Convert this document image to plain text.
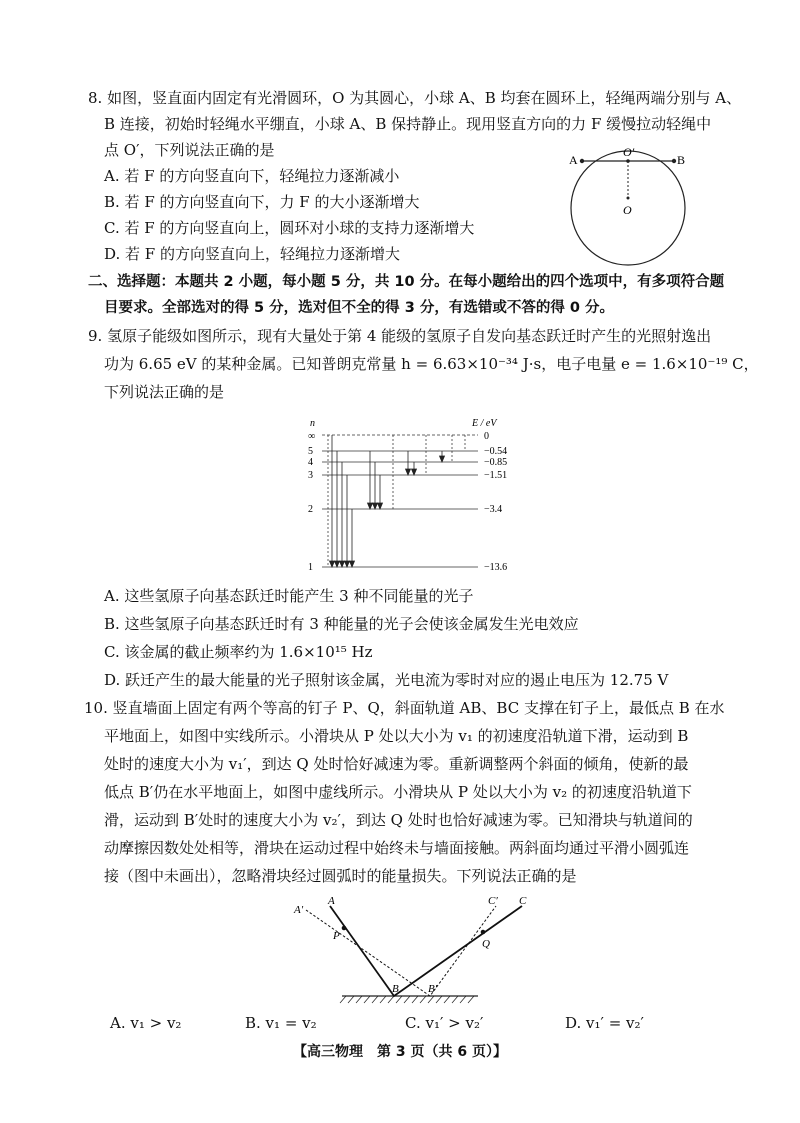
8. 如图，竖直面内固定有光滑圆环，O 为其圆心，小球 A、B 均套在圆环上，轻绳两端分别与 A、
B 连接，初始时轻绳水平绷直，小球 A、B 保持静止。现用竖直方向的力 F 缓慢拉动轻绳中
点 O′，下列说法正确的是
A. 若 F 的方向竖直向下，轻绳拉力逐渐减小
B. 若 F 的方向竖直向下，力 F 的大小逐渐增大
C. 若 F 的方向竖直向上，圆环对小球的支持力逐渐增大
D. 若 F 的方向竖直向上，轻绳拉力逐渐增大
A	B
O′
O
二、选择题：本题共 2 小题，每小题 5 分，共 10 分。在每小题给出的四个选项中，有多项符合题
目要求。全部选对的得 5 分，选对但不全的得 3 分，有选错或不答的得 0 分。
9. 氢原子能级如图所示，现有大量处于第 4 能级的氢原子自发向基态跃迁时产生的光照射逸出
功为 6.65 eV 的某种金属。已知普朗克常量 h = 6.63×10⁻³⁴ J·s，电子电量 e = 1.6×10⁻¹⁹ C，
下列说法正确的是
n	E / eV
∞
5
4
3
2
1
0
−0.54
−0.85
−1.51
−3.4
−13.6
A. 这些氢原子向基态跃迁时能产生 3 种不同能量的光子
B. 这些氢原子向基态跃迁时有 3 种能量的光子会使该金属发生光电效应
C. 该金属的截止频率约为 1.6×10¹⁵ Hz
D. 跃迁产生的最大能量的光子照射该金属，光电流为零时对应的遏止电压为 12.75 V
10. 竖直墙面上固定有两个等高的钉子 P、Q，斜面轨道 AB、BC 支撑在钉子上，最低点 B 在水
平地面上，如图中实线所示。小滑块从 P 处以大小为 v₁ 的初速度沿轨道下滑，运动到 B
处时的速度大小为 v₁′，到达 Q 处时恰好减速为零。重新调整两个斜面的倾角，使新的最
低点 B′仍在水平地面上，如图中虚线所示。小滑块从 P 处以大小为 v₂ 的初速度沿轨道下
滑，运动到 B′处时的速度大小为 v₂′，到达 Q 处时也恰好减速为零。已知滑块与轨道间的
动摩擦因数处处相等，滑块在运动过程中始终未与墙面接触。两斜面均通过平滑小圆弧连
接（图中未画出），忽略滑块经过圆弧时的能量损失。下列说法正确的是
A′
A
P
B	B′
Q
C′ C
A. v₁ > v₂	B. v₁ = v₂	C. v₁′ > v₂′	D. v₁′ = v₂′
【高三物理　第 3 页（共 6 页）】
